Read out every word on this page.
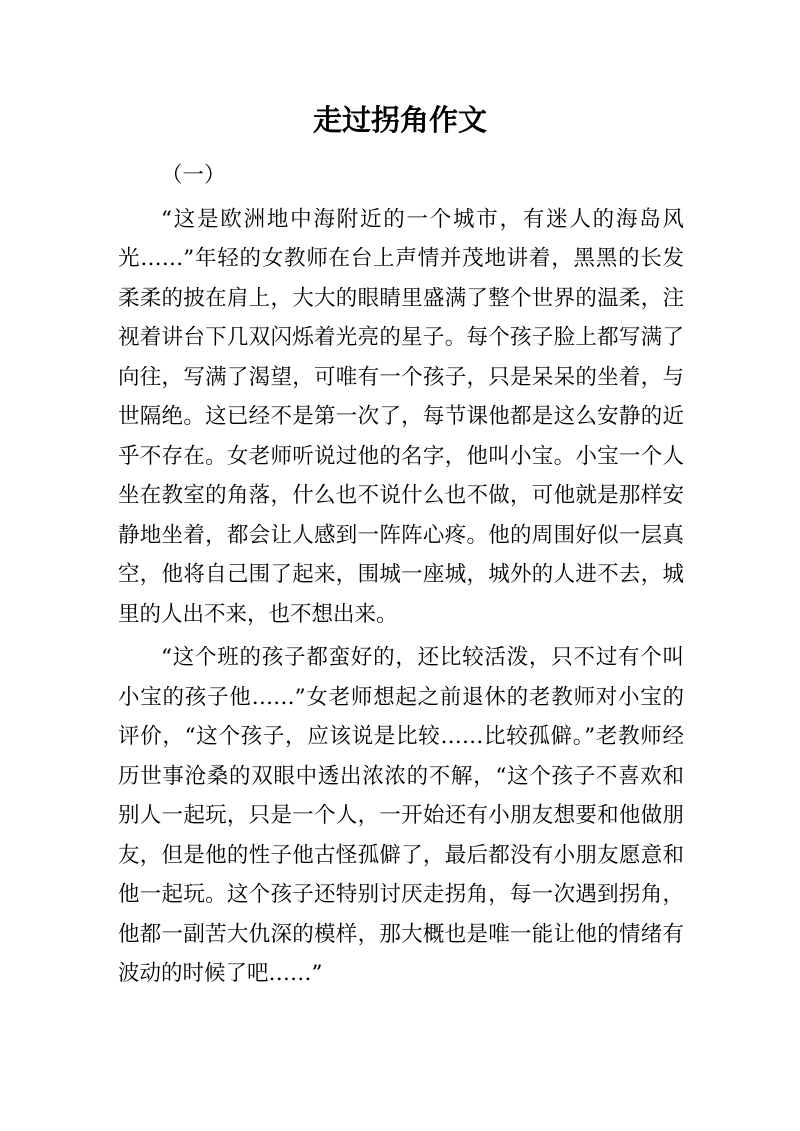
走过拐角作文

（一）

“这是欧洲地中海附近的一个城市，有迷人的海岛风光……”年轻的女教师在台上声情并茂地讲着，黑黑的长发柔柔的披在肩上，大大的眼睛里盛满了整个世界的温柔，注视着讲台下几双闪烁着光亮的星子。每个孩子脸上都写满了向往，写满了渴望，可唯有一个孩子，只是呆呆的坐着，与世隔绝。这已经不是第一次了，每节课他都是这么安静的近乎不存在。女老师听说过他的名字，他叫小宝。小宝一个人坐在教室的角落，什么也不说什么也不做，可他就是那样安静地坐着，都会让人感到一阵阵心疼。他的周围好似一层真空，他将自己围了起来，围城一座城，城外的人进不去，城里的人出不来，也不想出来。

“这个班的孩子都蛮好的，还比较活泼，只不过有个叫小宝的孩子他……”女老师想起之前退休的老教师对小宝的评价，“这个孩子，应该说是比较……比较孤僻。”老教师经历世事沧桑的双眼中透出浓浓的不解，“这个孩子不喜欢和别人一起玩，只是一个人，一开始还有小朋友想要和他做朋友，但是他的性子他古怪孤僻了，最后都没有小朋友愿意和他一起玩。这个孩子还特别讨厌走拐角，每一次遇到拐角，他都一副苦大仇深的模样，那大概也是唯一能让他的情绪有波动的时候了吧……”
